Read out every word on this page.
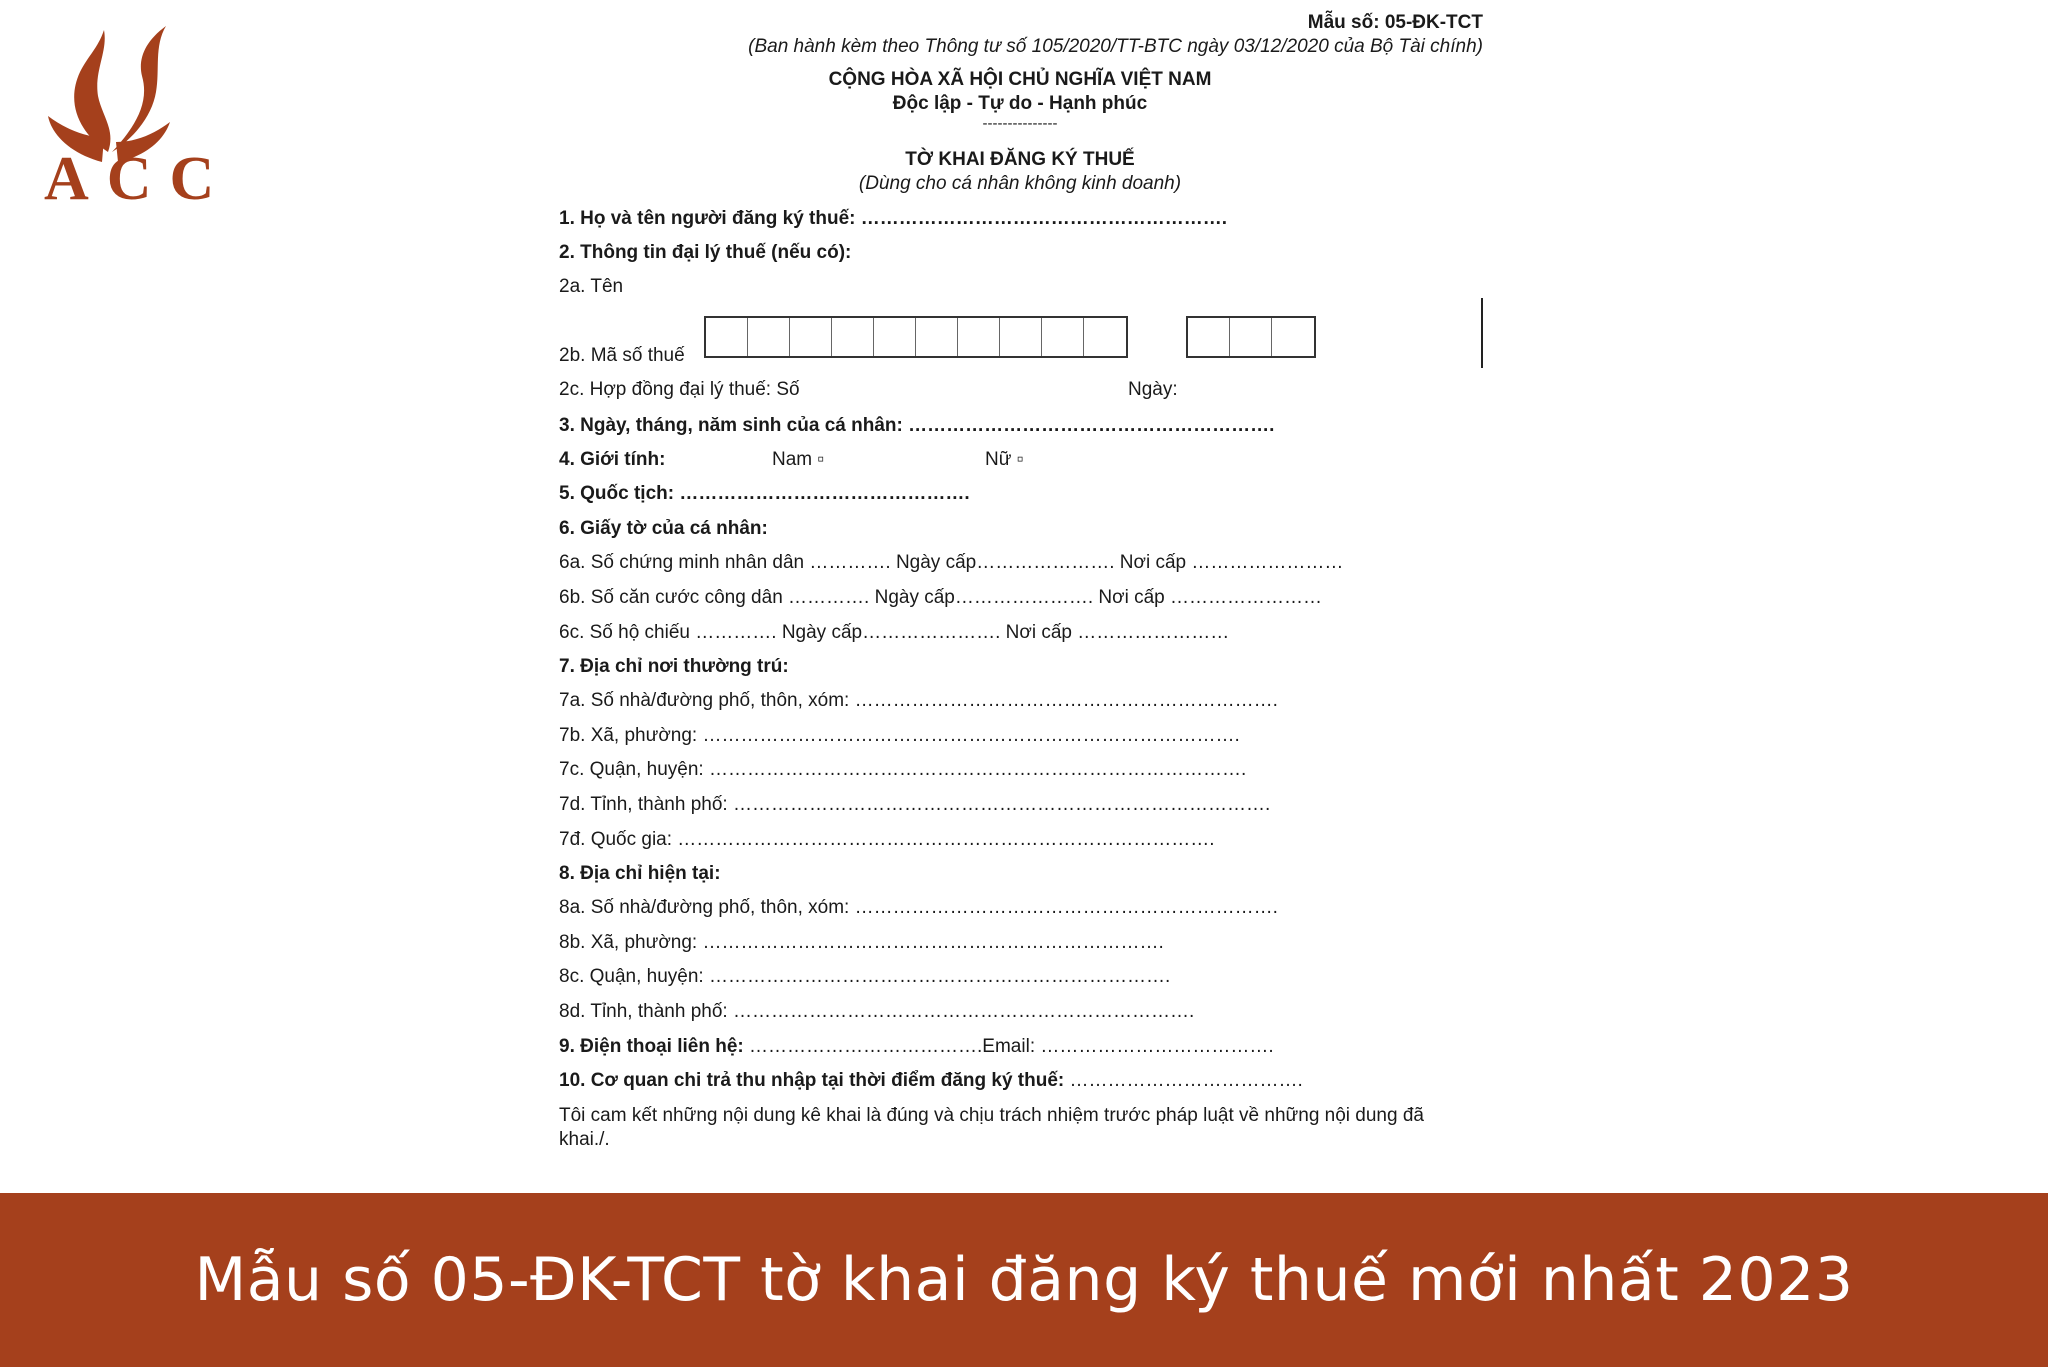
ACC
Mẫu số: 05-ĐK-TCT
(Ban hành kèm theo Thông tư số 105/2020/TT-BTC ngày 03/12/2020 của Bộ Tài chính)
CỘNG HÒA XÃ HỘI CHỦ NGHĨA VIỆT NAM
Độc lập - Tự do - Hạnh phúc
---------------
TỜ KHAI ĐĂNG KÝ THUẾ
(Dùng cho cá nhân không kinh doanh)
1. Họ và tên người đăng ký thuế: ………………………………………………….
2. Thông tin đại lý thuế (nếu có):
2a. Tên
2b. Mã số thuế
2c. Hợp đồng đại lý thuế: Số	Ngày:
3. Ngày, tháng, năm sinh của cá nhân: ………………………………………………….
4. Giới tính:	Nam ▫	Nữ ▫
5. Quốc tịch: ……………………………………….
6. Giấy tờ của cá nhân:
6a. Số chứng minh nhân dân …………. Ngày cấp…………………. Nơi cấp ……………………
6b. Số căn cước công dân …………. Ngày cấp…………………. Nơi cấp ……………………
6c. Số hộ chiếu …………. Ngày cấp…………………. Nơi cấp ……………………
7. Địa chỉ nơi thường trú:
7a. Số nhà/đường phố, thôn, xóm: ………………………………………………………….
7b. Xã, phường: ………………………………………………………………………….
7c. Quận, huyện: ………………………………………………………………………….
7d. Tỉnh, thành phố: ………………………………………………………………………….
7đ. Quốc gia: ………………………………………………………………………….
8. Địa chỉ hiện tại:
8a. Số nhà/đường phố, thôn, xóm: ………………………………………………………….
8b. Xã, phường: ……………………………………………………………….
8c. Quận, huyện: ……………………………………………………………….
8d. Tỉnh, thành phố: ……………………………………………………………….
9. Điện thoại liên hệ: ……………………………….Email: ……………………………….
10. Cơ quan chi trả thu nhập tại thời điểm đăng ký thuế: ……………………………….
Tôi cam kết những nội dung kê khai là đúng và chịu trách nhiệm trước pháp luật về những nội dung đã
khai./.
Mẫu số 05-ĐK-TCT tờ khai đăng ký thuế mới nhất 2023
